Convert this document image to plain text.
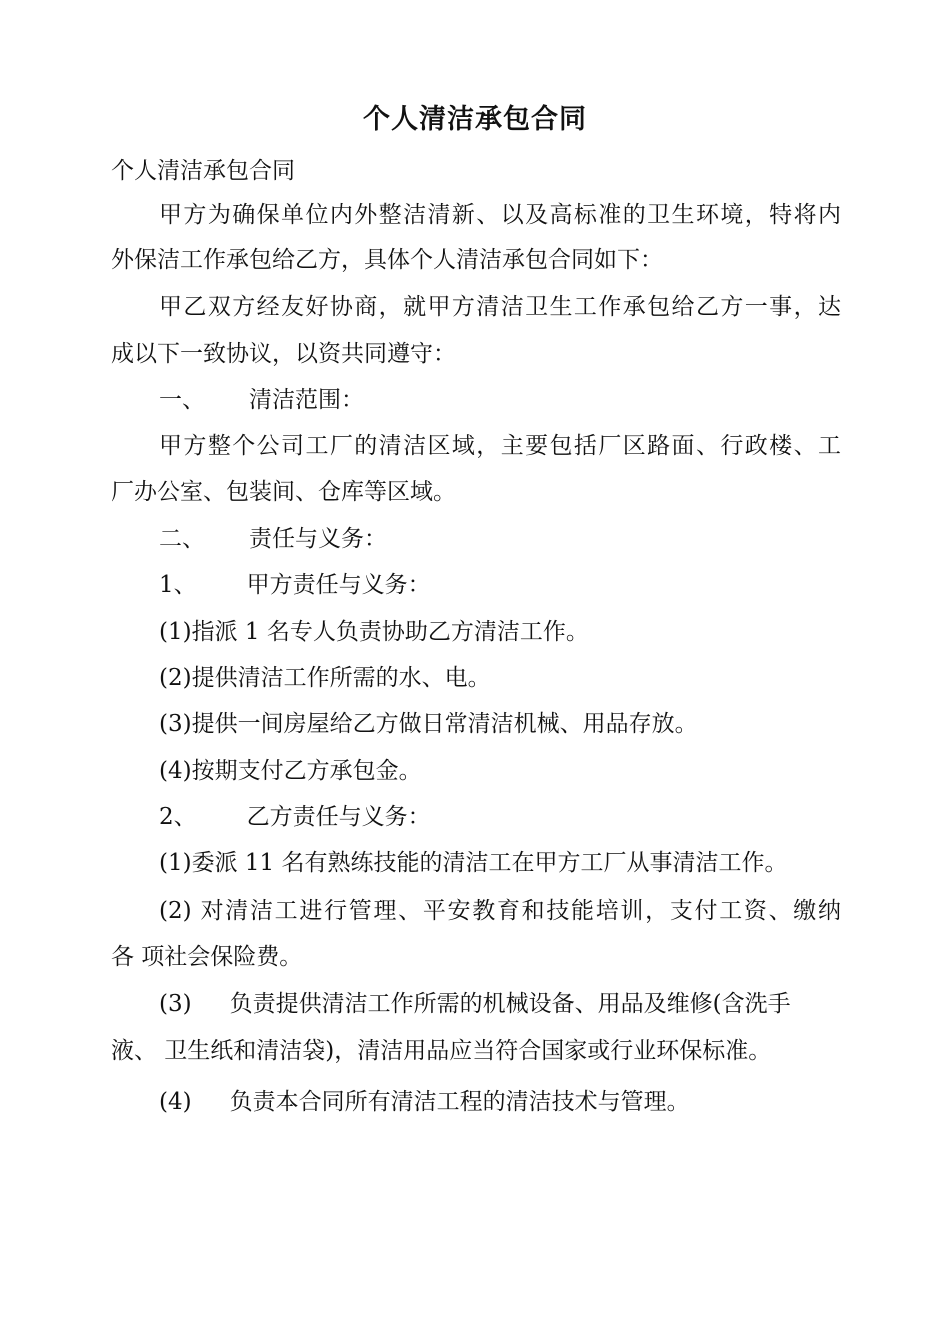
个人清洁承包合同

个人清洁承包合同

甲方为确保单位内外整洁清新、以及高标准的卫生环境，特将内

外保洁工作承包给乙方，具体个人清洁承包合同如下：

甲乙双方经友好协商，就甲方清洁卫生工作承包给乙方一事，达

成以下一致协议，以资共同遵守：

一、 清洁范围：

甲方整个公司工厂的清洁区域，主要包括厂区路面、行政楼、工

厂办公室、包装间、仓库等区域。

二、 责任与义务：

1、 甲方责任与义务：

(1)指派 1 名专人负责协助乙方清洁工作。

(2)提供清洁工作所需的水、电。

(3)提供一间房屋给乙方做日常清洁机械、用品存放。

(4)按期支付乙方承包金。

2、 乙方责任与义务：

(1)委派 11 名有熟练技能的清洁工在甲方工厂从事清洁工作。

(2) 对清洁工进行管理、平安教育和技能培训，支付工资、缴纳

各 项社会保险费。

(3) 负责提供清洁工作所需的机械设备、用品及维修(含洗手

液、 卫生纸和清洁袋)，清洁用品应当符合国家或行业环保标准。

(4) 负责本合同所有清洁工程的清洁技术与管理。
